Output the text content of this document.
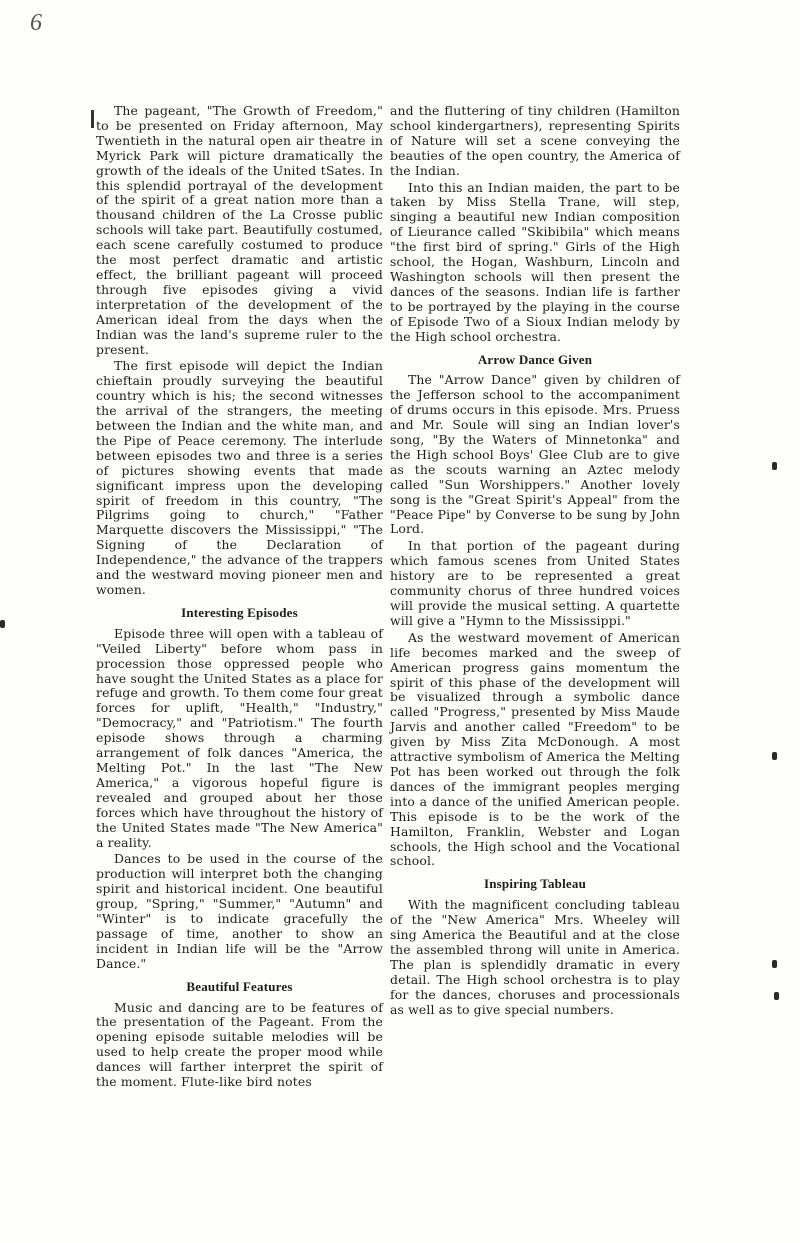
6

The pageant, "The Growth of Freedom," to be presented on Friday afternoon, May Twentieth in the natural open air theatre in Myrick Park will picture dramatically the growth of the ideals of the United tSates. In this splendid portrayal of the development of the spirit of a great nation more than a thousand children of the La Crosse public schools will take part. Beautifully costumed, each scene carefully costumed to produce the most perfect dramatic and artistic effect, the brilliant pageant will proceed through five episodes giving a vivid interpretation of the development of the American ideal from the days when the Indian was the land's supreme ruler to the present.

The first episode will depict the Indian chieftain proudly surveying the beautiful country which is his; the second witnesses the arrival of the strangers, the meeting between the Indian and the white man, and the Pipe of Peace ceremony. The interlude between episodes two and three is a series of pictures showing events that made significant impress upon the developing spirit of freedom in this country, "The Pilgrims going to church," "Father Marquette discovers the Mississippi," "The Signing of the Declaration of Independence," the advance of the trappers and the westward moving pioneer men and women.

Interesting Episodes

Episode three will open with a tableau of "Veiled Liberty" before whom pass in procession those oppressed people who have sought the United States as a place for refuge and growth. To them come four great forces for uplift, "Health," "Industry," "Democracy," and "Patriotism." The fourth episode shows through a charming arrangement of folk dances "America, the Melting Pot." In the last "The New America," a vigorous hopeful figure is revealed and grouped about her those forces which have throughout the history of the United States made "The New America" a reality.

Dances to be used in the course of the production will interpret both the changing spirit and historical incident. One beautiful group, "Spring," "Summer," "Autumn" and "Winter" is to indicate gracefully the passage of time, another to show an incident in Indian life will be the "Arrow Dance."

Beautiful Features

Music and dancing are to be features of the presentation of the Pageant. From the opening episode suitable melodies will be used to help create the proper mood while dances will farther interpret the spirit of the moment. Flute-like bird notes

and the fluttering of tiny children (Hamilton school kindergartners), representing Spirits of Nature will set a scene conveying the beauties of the open country, the America of the Indian.

Into this an Indian maiden, the part to be taken by Miss Stella Trane, will step, singing a beautiful new Indian composition of Lieurance called "Skibibila" which means "the first bird of spring." Girls of the High school, the Hogan, Washburn, Lincoln and Washington schools will then present the dances of the seasons. Indian life is farther to be portrayed by the playing in the course of Episode Two of a Sioux Indian melody by the High school orchestra.

Arrow Dance Given

The "Arrow Dance" given by children of the Jefferson school to the accompaniment of drums occurs in this episode. Mrs. Pruess and Mr. Soule will sing an Indian lover's song, "By the Waters of Minnetonka" and the High school Boys' Glee Club are to give as the scouts warning an Aztec melody called "Sun Worshippers." Another lovely song is the "Great Spirit's Appeal" from the "Peace Pipe" by Converse to be sung by John Lord.

In that portion of the pageant during which famous scenes from United States history are to be represented a great community chorus of three hundred voices will provide the musical setting. A quartette will give a "Hymn to the Mississippi."

As the westward movement of American life becomes marked and the sweep of American progress gains momentum the spirit of this phase of the development will be visualized through a symbolic dance called "Progress," presented by Miss Maude Jarvis and another called "Freedom" to be given by Miss Zita McDonough. A most attractive symbolism of America the Melting Pot has been worked out through the folk dances of the immigrant peoples merging into a dance of the unified American people. This episode is to be the work of the Hamilton, Franklin, Webster and Logan schools, the High school and the Vocational school.

Inspiring Tableau

With the magnificent concluding tableau of the "New America" Mrs. Wheeley will sing America the Beautiful and at the close the assembled throng will unite in America. The plan is splendidly dramatic in every detail. The High school orchestra is to play for the dances, choruses and processionals as well as to give special numbers.
